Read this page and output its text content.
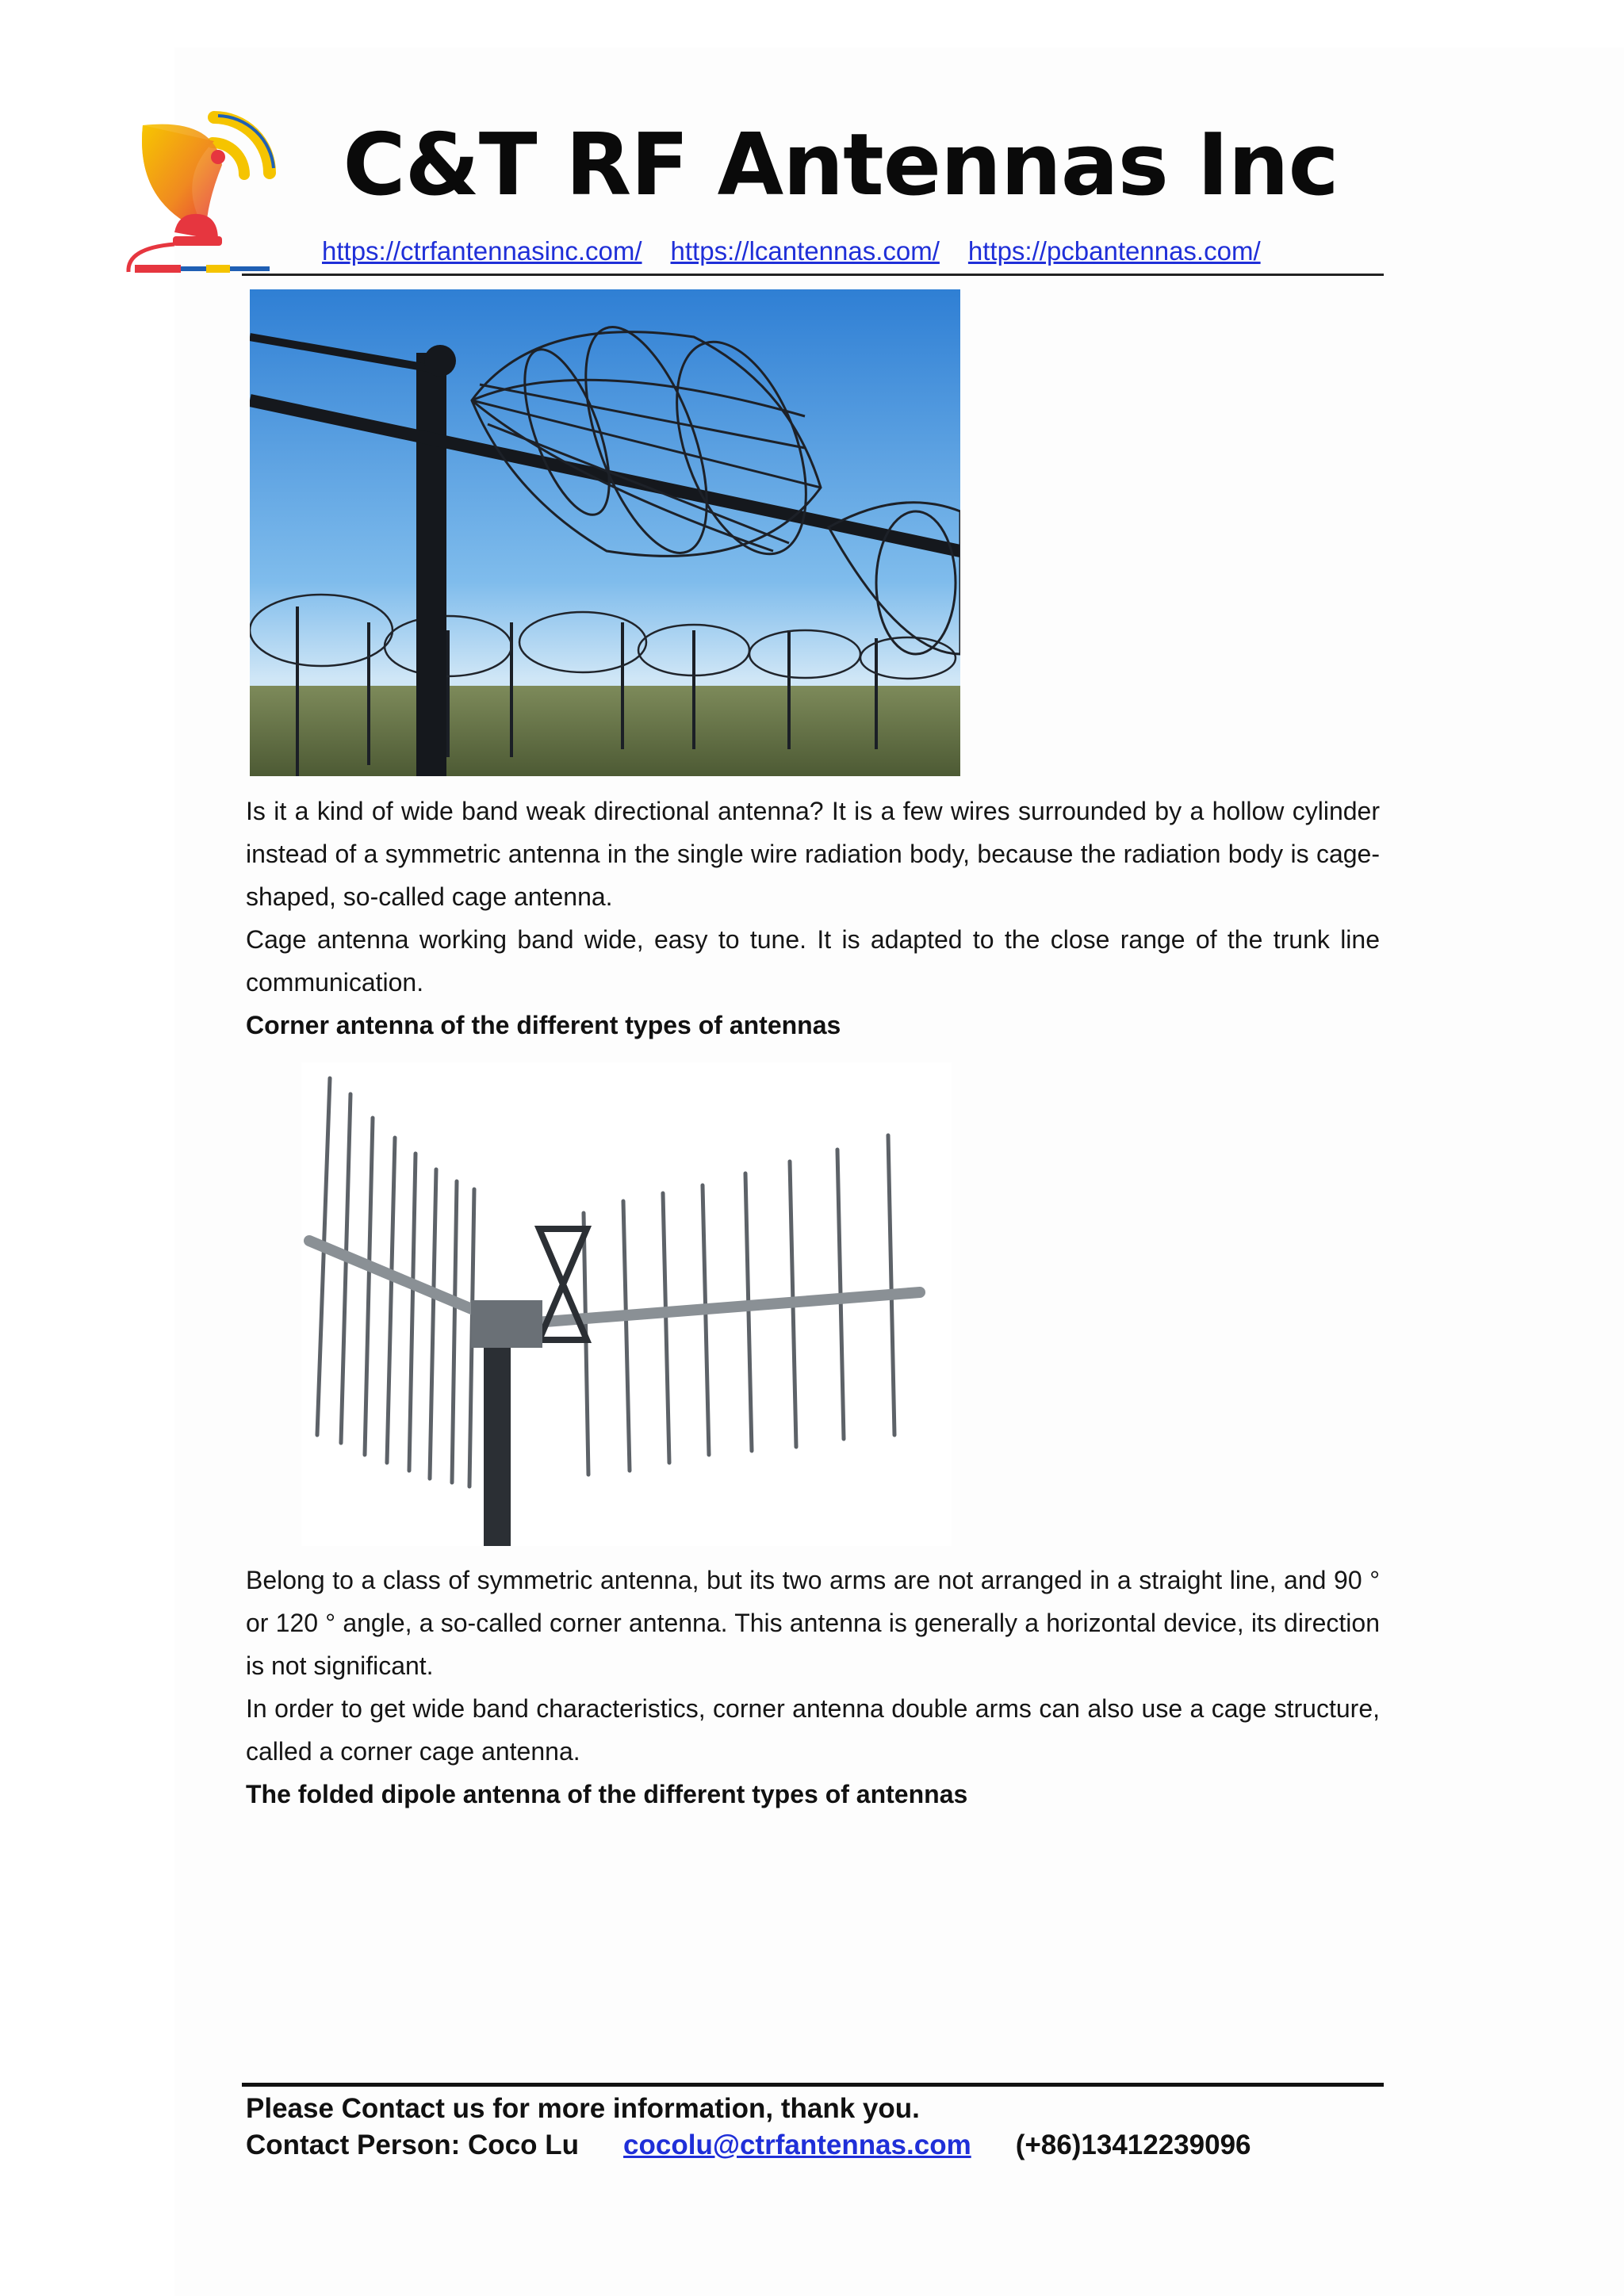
C&T RF Antennas Inc
https://ctrfantennasinc.com/ https://lcantennas.com/ https://pcbantennas.com/
Is it a kind of wide band weak directional antenna? It is a few wires surrounded by a hollow cylinder instead of a symmetric antenna in the single wire radiation body, because the radiation body is cage-shaped, so-called cage antenna.
Cage antenna working band wide, easy to tune. It is adapted to the close range of the trunk line communication.
Corner antenna of the different types of antennas
Belong to a class of symmetric antenna, but its two arms are not arranged in a straight line, and 90 ° or 120 ° angle, a so-called corner antenna. This antenna is generally a horizontal device, its direction is not significant.
In order to get wide band characteristics, corner antenna double arms can also use a cage structure, called a corner cage antenna.
The folded dipole antenna of the different types of antennas
Please Contact us for more information, thank you.
Contact Person: Coco Lu cocolu@ctrfantennas.com (+86)13412239096
